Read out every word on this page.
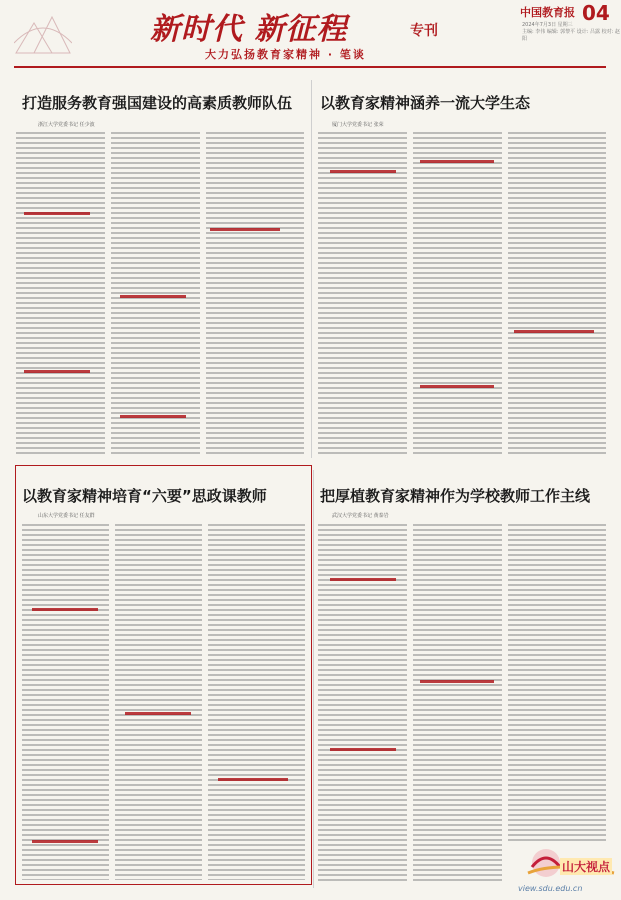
新时代 新征程	专刊
大力弘扬教育家精神 · 笔谈
中国教育报 04
2024年7月3日 星期三
主编: 李伟 编辑: 郭黎平 设计: 吕露 校对: 赵阳
打造服务教育强国建设的高素质教师队伍
浙江大学党委书记 任少波
以教育家精神涵养一流大学生态
厦门大学党委书记 张荣
以教育家精神培育“六要”思政课教师
山东大学党委书记 任友群
把厚植教育家精神作为学校教师工作主线
武汉大学党委书记 黄泰岩
山大视点
view.sdu.edu.cn
